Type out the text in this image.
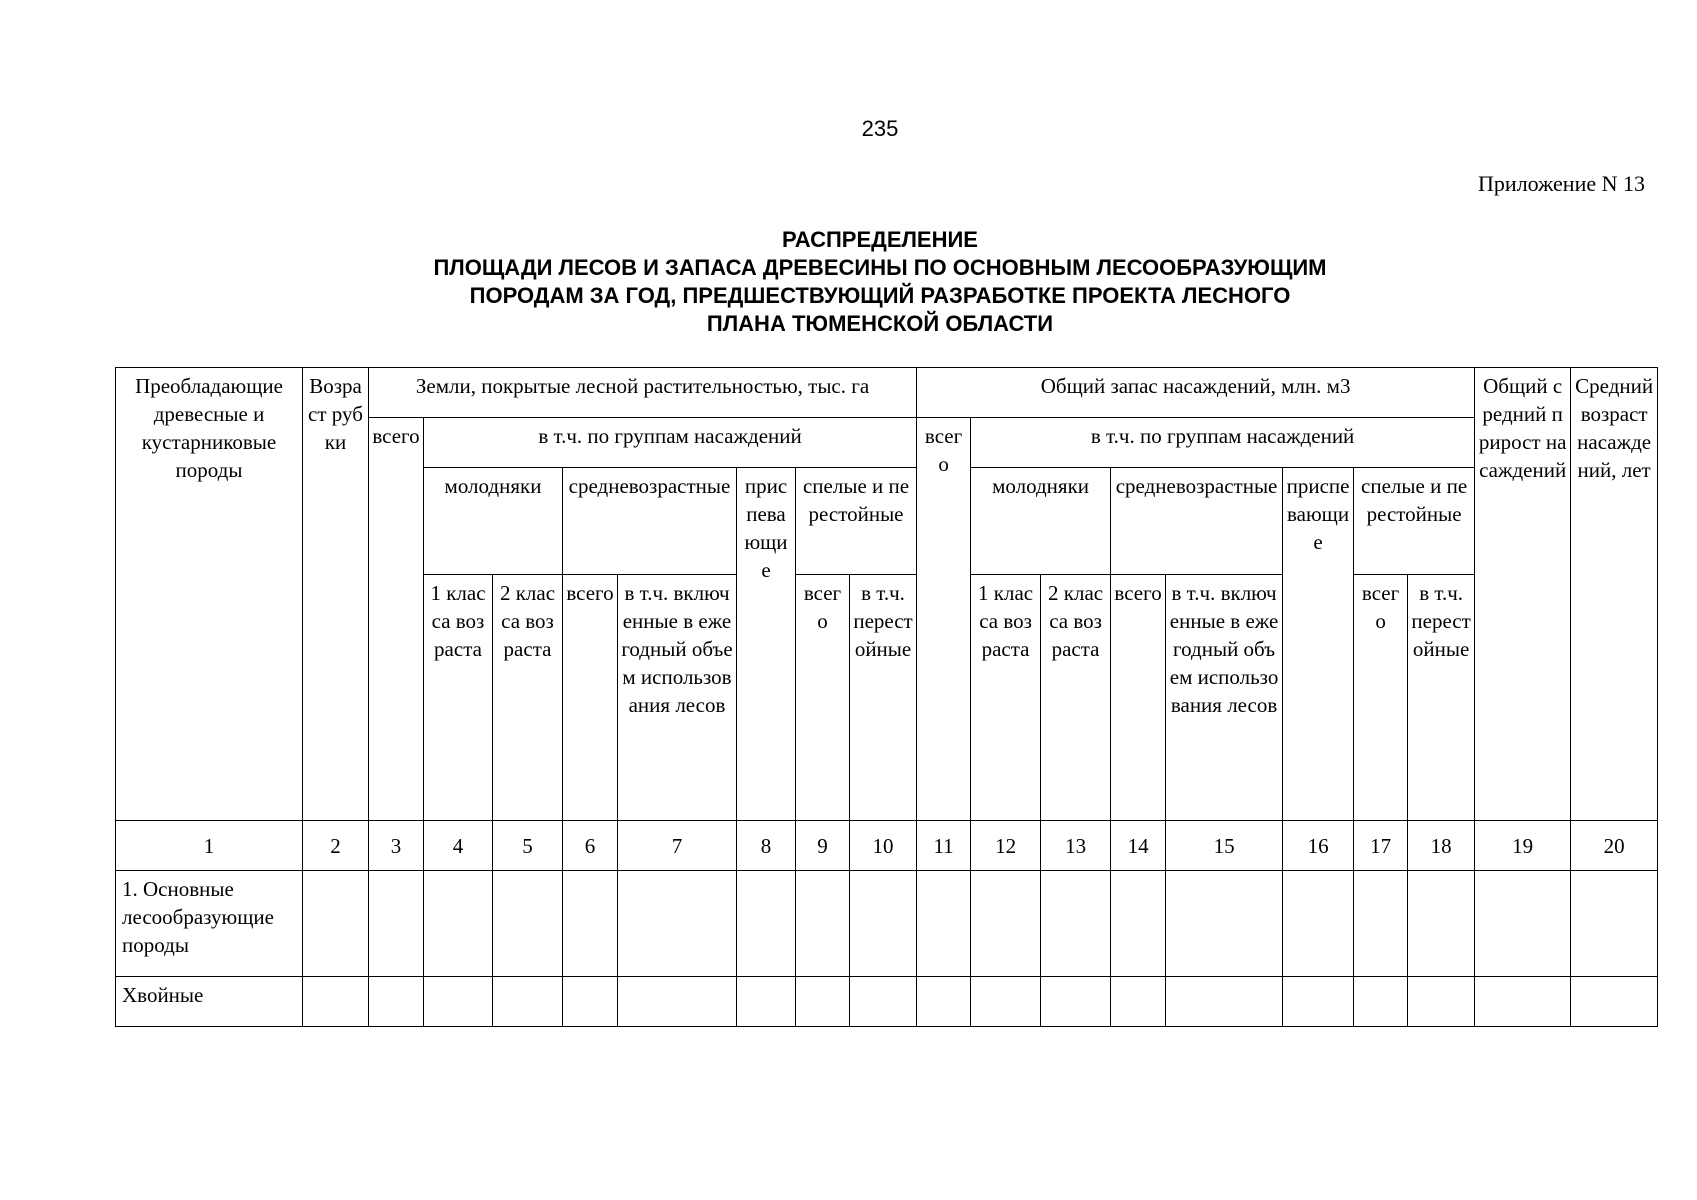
235
Приложение N 13
РАСПРЕДЕЛЕНИЕ
ПЛОЩАДИ ЛЕСОВ И ЗАПАСА ДРЕВЕСИНЫ ПО ОСНОВНЫМ ЛЕСООБРАЗУЮЩИМ
ПОРОДАМ ЗА ГОД, ПРЕДШЕСТВУЮЩИЙ РАЗРАБОТКЕ ПРОЕКТА ЛЕСНОГО
ПЛАНА ТЮМЕНСКОЙ ОБЛАСТИ
Преобладающие древесные и кустарниковые породы	Возраст рубки	Земли, покрытые лесной растительностью, тыс. га								Общий запас насаждений, млн. м3								Общий средний прирост насаждений	Средний возраст насаждений, лет
		всего	в т.ч. по группам насаждений							всего	в т.ч. по группам насаждений								
			молодняки		средневозрастные		приспевающие	спелые и перестойные			молодняки		средневозрастные		приспевающие	спелые и перестойные			
			1 класса возраста	2 класса возраста	всего	в т.ч. включенные в ежегодный объем использования лесов		всего	в т.ч. перестойные		1 класса возраста	2 класса возраста	всего	в т.ч. включенные в ежегодный объем использования лесов		всего	в т.ч. перестойные		
1	2	3	4	5	6	7	8	9	10	11	12	13	14	15	16	17	18	19	20
1. Основные лесообразующие породы																			
Хвойные																			
